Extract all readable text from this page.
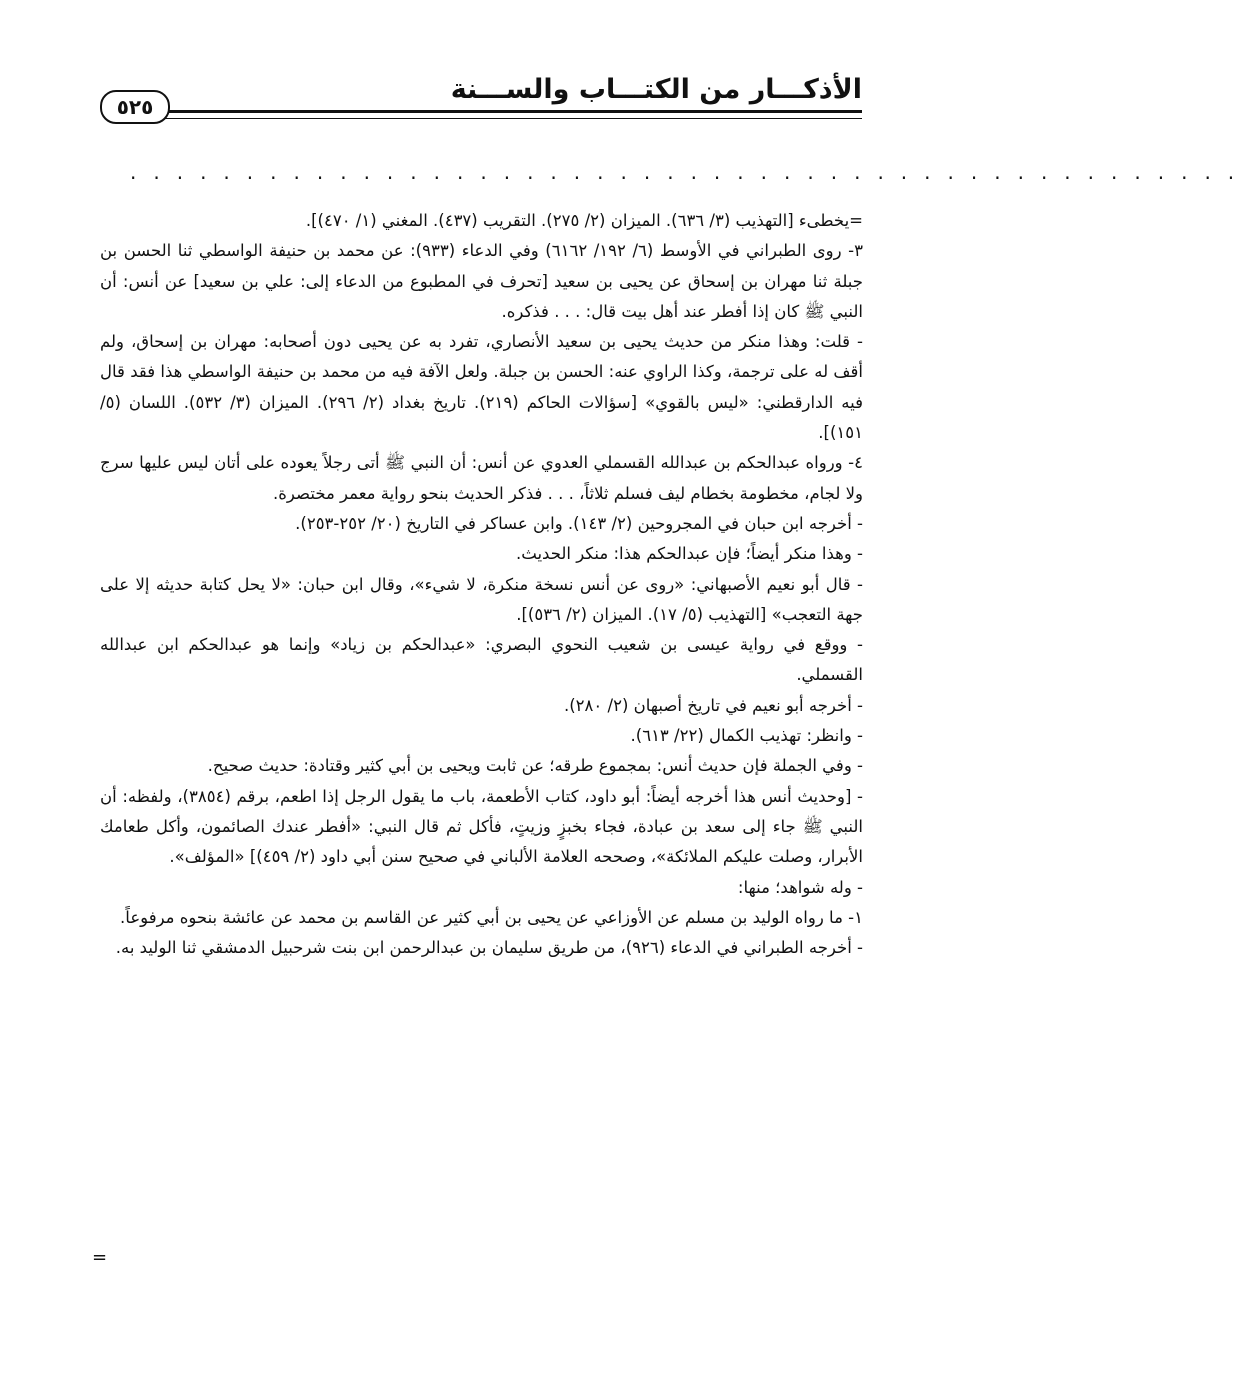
الأذكـــار من الكتـــاب والســـنة
٥٢٥
................................................

=يخطىء [التهذيب (٣/ ٦٣٦). الميزان (٢/ ٢٧٥). التقريب (٤٣٧). المغني (١/ ٤٧٠)].

٣- روى الطبراني في الأوسط (٦/ ١٩٢/ ٦١٦٢) وفي الدعاء (٩٣٣): عن محمد بن حنيفة الواسطي ثنا الحسن بن جبلة ثنا مهران بن إسحاق عن يحيى بن سعيد [تحرف في المطبوع من الدعاء إلى: علي بن سعيد] عن أنس: أن النبي ﷺ كان إذا أفطر عند أهل بيت قال: . . . فذكره.

- قلت: وهذا منكر من حديث يحيى بن سعيد الأنصاري، تفرد به عن يحيى دون أصحابه: مهران بن إسحاق، ولم أقف له على ترجمة، وكذا الراوي عنه: الحسن بن جبلة. ولعل الآفة فيه من محمد بن حنيفة الواسطي هذا فقد قال فيه الدارقطني: «ليس بالقوي» [سؤالات الحاكم (٢١٩). تاريخ بغداد (٢/ ٢٩٦). الميزان (٣/ ٥٣٢). اللسان (٥/ ١٥١)].

٤- ورواه عبدالحكم بن عبدالله القسملي العدوي عن أنس: أن النبي ﷺ أتى رجلاً يعوده على أتان ليس عليها سرج ولا لجام، مخطومة بخطام ليف فسلم ثلاثاً، . . . فذكر الحديث بنحو رواية معمر مختصرة.

- أخرجه ابن حبان في المجروحين (٢/ ١٤٣). وابن عساكر في التاريخ (٢٠/ ٢٥٢-٢٥٣).

- وهذا منكر أيضاً؛ فإن عبدالحكم هذا: منكر الحديث.

- قال أبو نعيم الأصبهاني: «روى عن أنس نسخة منكرة، لا شيء»، وقال ابن حبان: «لا يحل كتابة حديثه إلا على جهة التعجب» [التهذيب (٥/ ١٧). الميزان (٢/ ٥٣٦)].

- ووقع في رواية عيسى بن شعيب النحوي البصري: «عبدالحكم بن زياد» وإنما هو عبدالحكم ابن عبدالله القسملي.

- أخرجه أبو نعيم في تاريخ أصبهان (٢/ ٢٨٠).

- وانظر: تهذيب الكمال (٢٢/ ٦١٣).

- وفي الجملة فإن حديث أنس: بمجموع طرقه؛ عن ثابت ويحيى بن أبي كثير وقتادة: حديث صحيح.

- [وحديث أنس هذا أخرجه أيضاً: أبو داود، كتاب الأطعمة، باب ما يقول الرجل إذا اطعم، برقم (٣٨٥٤)، ولفظه: أن النبي ﷺ جاء إلى سعد بن عبادة، فجاء بخبزٍ وزيتٍ، فأكل ثم قال النبي: «أفطر عندك الصائمون، وأكل طعامك الأبرار، وصلت عليكم الملائكة»، وصححه العلامة الألباني في صحيح سنن أبي داود (٢/ ٤٥٩)] «المؤلف».

- وله شواهد؛ منها:

١- ما رواه الوليد بن مسلم عن الأوزاعي عن يحيى بن أبي كثير عن القاسم بن محمد عن عائشة بنحوه مرفوعاً.

- أخرجه الطبراني في الدعاء (٩٢٦)، من طريق سليمان بن عبدالرحمن ابن بنت شرحبيل الدمشقي ثنا الوليد به.

=
